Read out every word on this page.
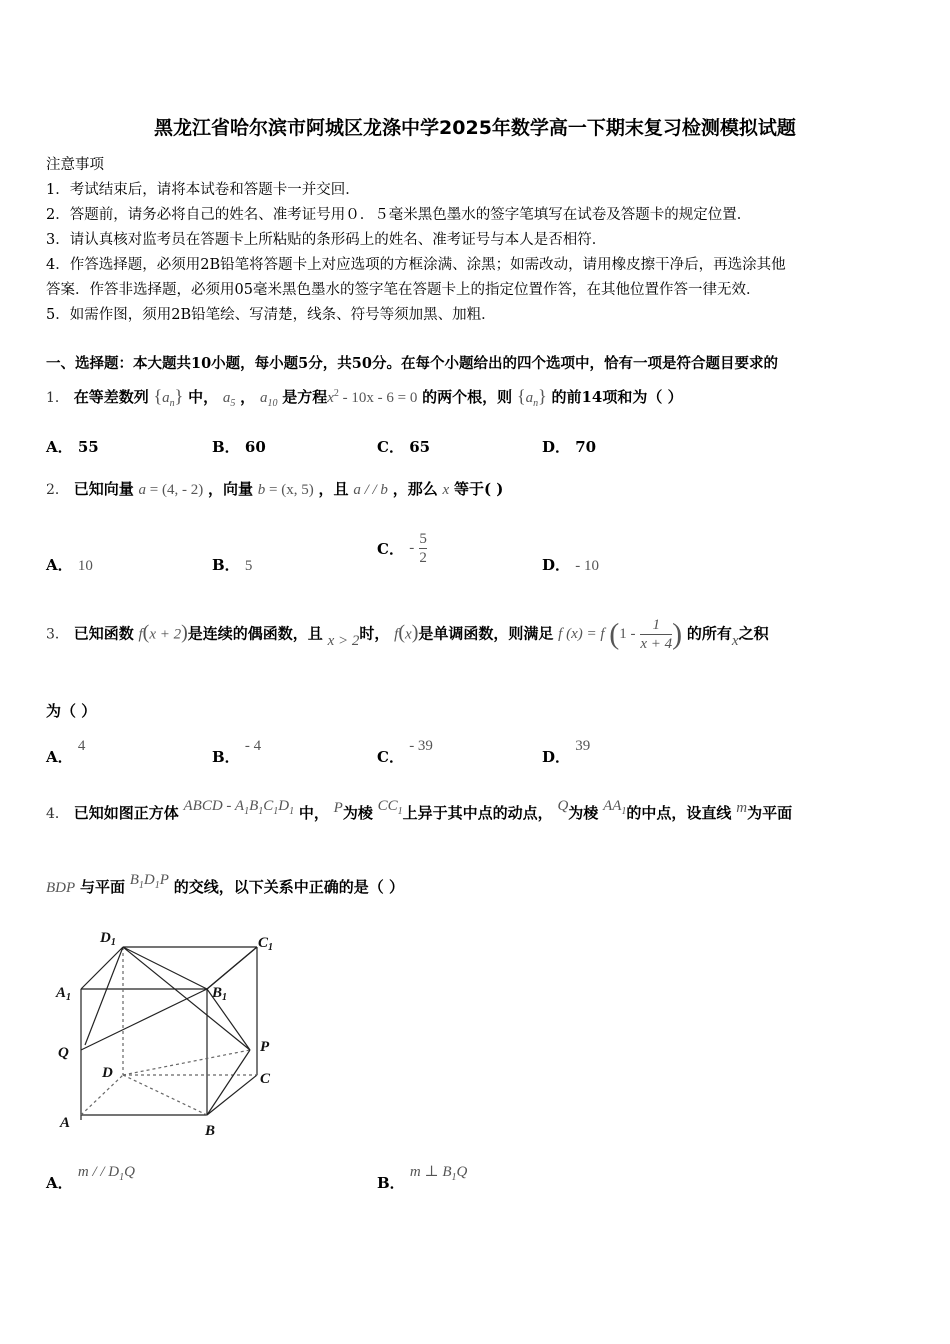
黑龙江省哈尔滨市阿城区龙涤中学2025年数学高一下期末复习检测模拟试题
注意事项
1．考试结束后，请将本试卷和答题卡一并交回．
2．答题前，请务必将自己的姓名、准考证号用０．５毫米黑色墨水的签字笔填写在试卷及答题卡的规定位置．
3．请认真核对监考员在答题卡上所粘贴的条形码上的姓名、准考证号与本人是否相符．
4．作答选择题，必须用2B铅笔将答题卡上对应选项的方框涂满、涂黑；如需改动，请用橡皮擦干净后，再选涂其他
答案．作答非选择题，必须用05毫米黑色墨水的签字笔在答题卡上的指定位置作答，在其他位置作答一律无效．
5．如需作图，须用2B铅笔绘、写清楚，线条、符号等须加黑、加粗．
一、选择题：本大题共10小题，每小题5分，共50分。在每个小题给出的四个选项中，恰有一项是符合题目要求的
1． 在等差数列 $\{a_n\}$ 中， $a_5$ ， $a_{10}$ 是方程$x^2 - 10x - 6 = 0$ 的两个根，则 $\{a_n\}$ 的前14项和为（ ）
A． 55	B． 60	C． 65	D． 70
2． 已知向量 a = (4, - 2) ，向量 b = (x, 5) ，且 a / / b ，那么 x 等于( )
A． 10	B． 5
C． - $\frac{5}{2}$	D． - 10
3． 已知函数 f(x + 2)是连续的偶函数，且 x > 2时， f(x)是单调函数，则满足 f (x) = f ($1 - \frac{1}{x + 4}$ ) 的所有x之积
为（ ）
A． 4
B． - 4
C． - 39
D． 39
4． 已知如图正方体 ABCD - $A_1B_1C_1D_1$ 中， P为棱 $CC_1$上异于其中点的动点， Q为棱 $AA_1$的中点，设直线 m为平面
BDP 与平面 $B_1D_1P$ 的交线，以下关系中正确的是（ ）
$D_1$	$C_1$
$A_1$	$B_1$
Q	P
D	C
A	B
A． m / / $D_1Q$
B． m ⊥ $B_1Q$
